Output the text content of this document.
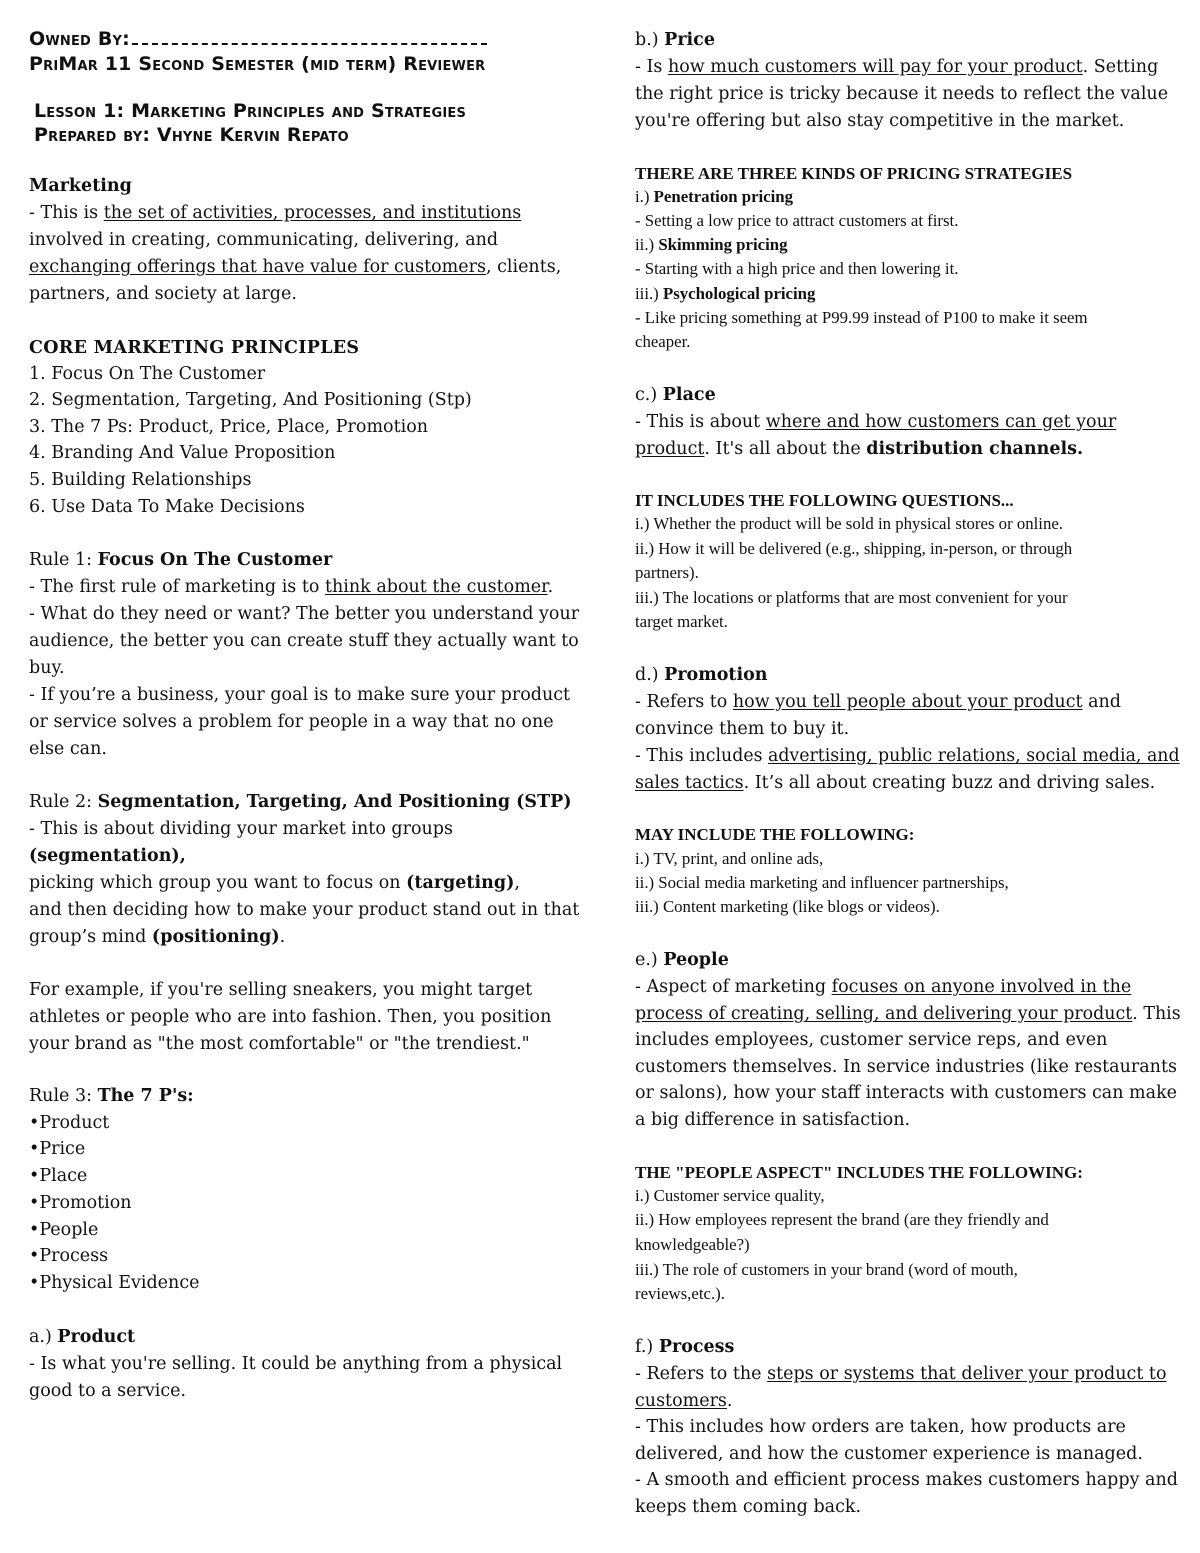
Owned By:
PriMar 11 Second Semester (mid term) Reviewer
Lesson 1: Marketing Principles and Strategies
Prepared by: Vhyne Kervin Repato
Marketing
- This is the set of activities, processes, and institutions
involved in creating, communicating, delivering, and
exchanging offerings that have value for customers, clients,
partners, and society at large.
CORE MARKETING PRINCIPLES
1. Focus On The Customer
2. Segmentation, Targeting, And Positioning (Stp)
3. The 7 Ps: Product, Price, Place, Promotion
4. Branding And Value Proposition
5. Building Relationships
6. Use Data To Make Decisions
Rule 1: Focus On The Customer
- The first rule of marketing is to think about the customer.
- What do they need or want? The better you understand your
audience, the better you can create stuff they actually want to
buy.
- If you’re a business, your goal is to make sure your product
or service solves a problem for people in a way that no one
else can.
Rule 2: Segmentation, Targeting, And Positioning (STP)
- This is about dividing your market into groups
(segmentation),
picking which group you want to focus on (targeting),
and then deciding how to make your product stand out in that
group’s mind (positioning).
For example, if you're selling sneakers, you might target
athletes or people who are into fashion. Then, you position
your brand as "the most comfortable" or "the trendiest."
Rule 3: The 7 P's:
•Product
•Price
•Place
•Promotion
•People
•Process
•Physical Evidence
a.) Product
- Is what you're selling. It could be anything from a physical
good to a service.
b.) Price
- Is how much customers will pay for your product. Setting
the right price is tricky because it needs to reflect the value
you're offering but also stay competitive in the market.
THERE ARE THREE KINDS OF PRICING STRATEGIES
i.) Penetration pricing
- Setting a low price to attract customers at first.
ii.) Skimming pricing
- Starting with a high price and then lowering it.
iii.) Psychological pricing
- Like pricing something at P99.99 instead of P100 to make it seem
cheaper.
c.) Place
- This is about where and how customers can get your
product. It's all about the distribution channels.
IT INCLUDES THE FOLLOWING QUESTIONS...
i.) Whether the product will be sold in physical stores or online.
ii.) How it will be delivered (e.g., shipping, in-person, or through
partners).
iii.) The locations or platforms that are most convenient for your
target market.
d.) Promotion
- Refers to how you tell people about your product and
convince them to buy it.
- This includes advertising, public relations, social media, and
sales tactics. It’s all about creating buzz and driving sales.
MAY INCLUDE THE FOLLOWING:
i.) TV, print, and online ads,
ii.) Social media marketing and influencer partnerships,
iii.) Content marketing (like blogs or videos).
e.) People
- Aspect of marketing focuses on anyone involved in the
process of creating, selling, and delivering your product. This
includes employees, customer service reps, and even
customers themselves. In service industries (like restaurants
or salons), how your staff interacts with customers can make
a big difference in satisfaction.
THE "PEOPLE ASPECT" INCLUDES THE FOLLOWING:
i.) Customer service quality,
ii.) How employees represent the brand (are they friendly and
knowledgeable?)
iii.) The role of customers in your brand (word of mouth,
reviews,etc.).
f.) Process
- Refers to the steps or systems that deliver your product to
customers.
- This includes how orders are taken, how products are
delivered, and how the customer experience is managed.
- A smooth and efficient process makes customers happy and
keeps them coming back.
